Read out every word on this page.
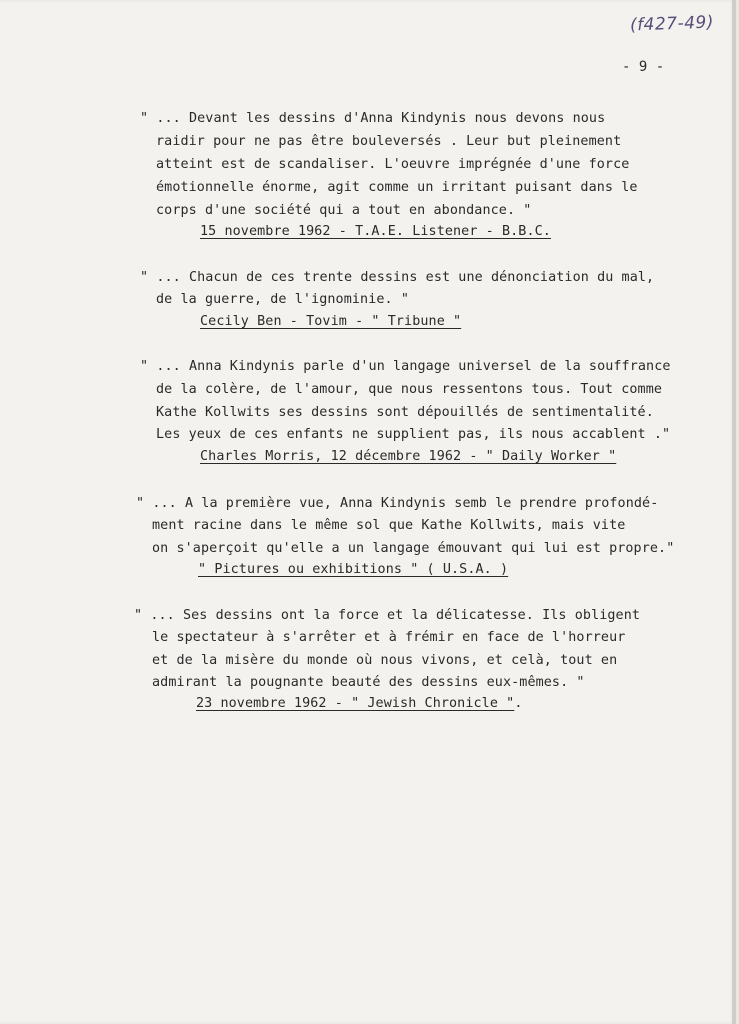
(f427-49)
- 9 -
" ... Devant les dessins d'Anna Kindynis nous devons nous
raidir pour ne pas être bouleversés . Leur but pleinement
atteint est de scandaliser. L'oeuvre imprégnée d'une force
émotionnelle énorme, agit comme un irritant puisant dans le
corps d'une société qui a tout en abondance. "
15 novembre 1962 - T.A.E. Listener - B.B.C.
" ... Chacun de ces trente dessins est une dénonciation du mal,
de la guerre, de l'ignominie. "
Cecily Ben - Tovim - " Tribune "
" ... Anna Kindynis parle d'un langage universel de la souffrance
de la colère, de l'amour, que nous ressentons tous. Tout comme
Kathe Kollwits ses dessins sont dépouillés de sentimentalité.
Les yeux de ces enfants ne supplient pas, ils nous accablent ."
Charles Morris, 12 décembre 1962 - " Daily Worker "
" ... A la première vue, Anna Kindynis semb le prendre profondé-
ment racine dans le même sol que Kathe Kollwits, mais vite
on s'aperçoit qu'elle a un langage émouvant qui lui est propre."
" Pictures ou exhibitions " ( U.S.A. )
" ... Ses dessins ont la force et la délicatesse. Ils obligent
le spectateur à s'arrêter et à frémir en face de l'horreur
et de la misère du monde où nous vivons, et celà, tout en
admirant la pougnante beauté des dessins eux-mêmes. "
23 novembre 1962 - " Jewish Chronicle ".
